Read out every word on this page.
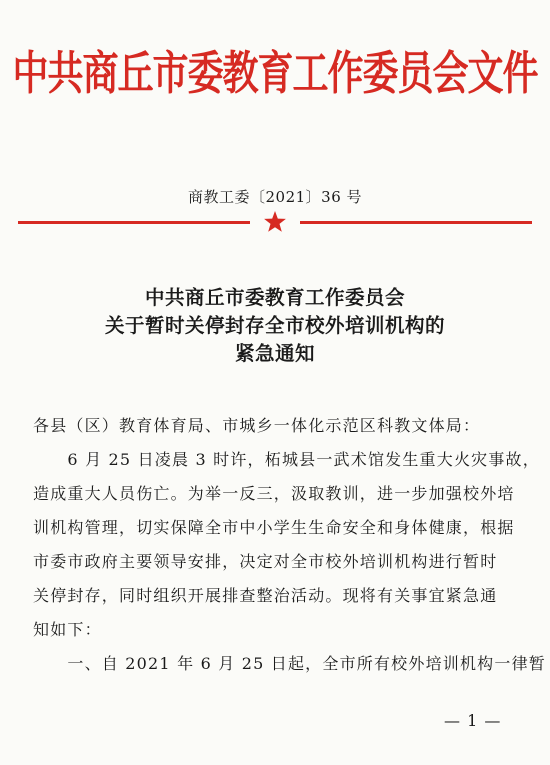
中共商丘市委教育工作委员会文件
商教工委〔2021〕36 号
中共商丘市委教育工作委员会
关于暂时关停封存全市校外培训机构的
紧急通知
各县（区）教育体育局、市城乡一体化示范区科教文体局：
　　6 月 25 日凌晨 3 时许，柘城县一武术馆发生重大火灾事故，
造成重大人员伤亡。为举一反三，汲取教训，进一步加强校外培
训机构管理，切实保障全市中小学生生命安全和身体健康，根据
市委市政府主要领导安排，决定对全市校外培训机构进行暂时
关停封存，同时组织开展排查整治活动。现将有关事宜紧急通
知如下：
　　一、自 2021 年 6 月 25 日起，全市所有校外培训机构一律暂
— 1 —
